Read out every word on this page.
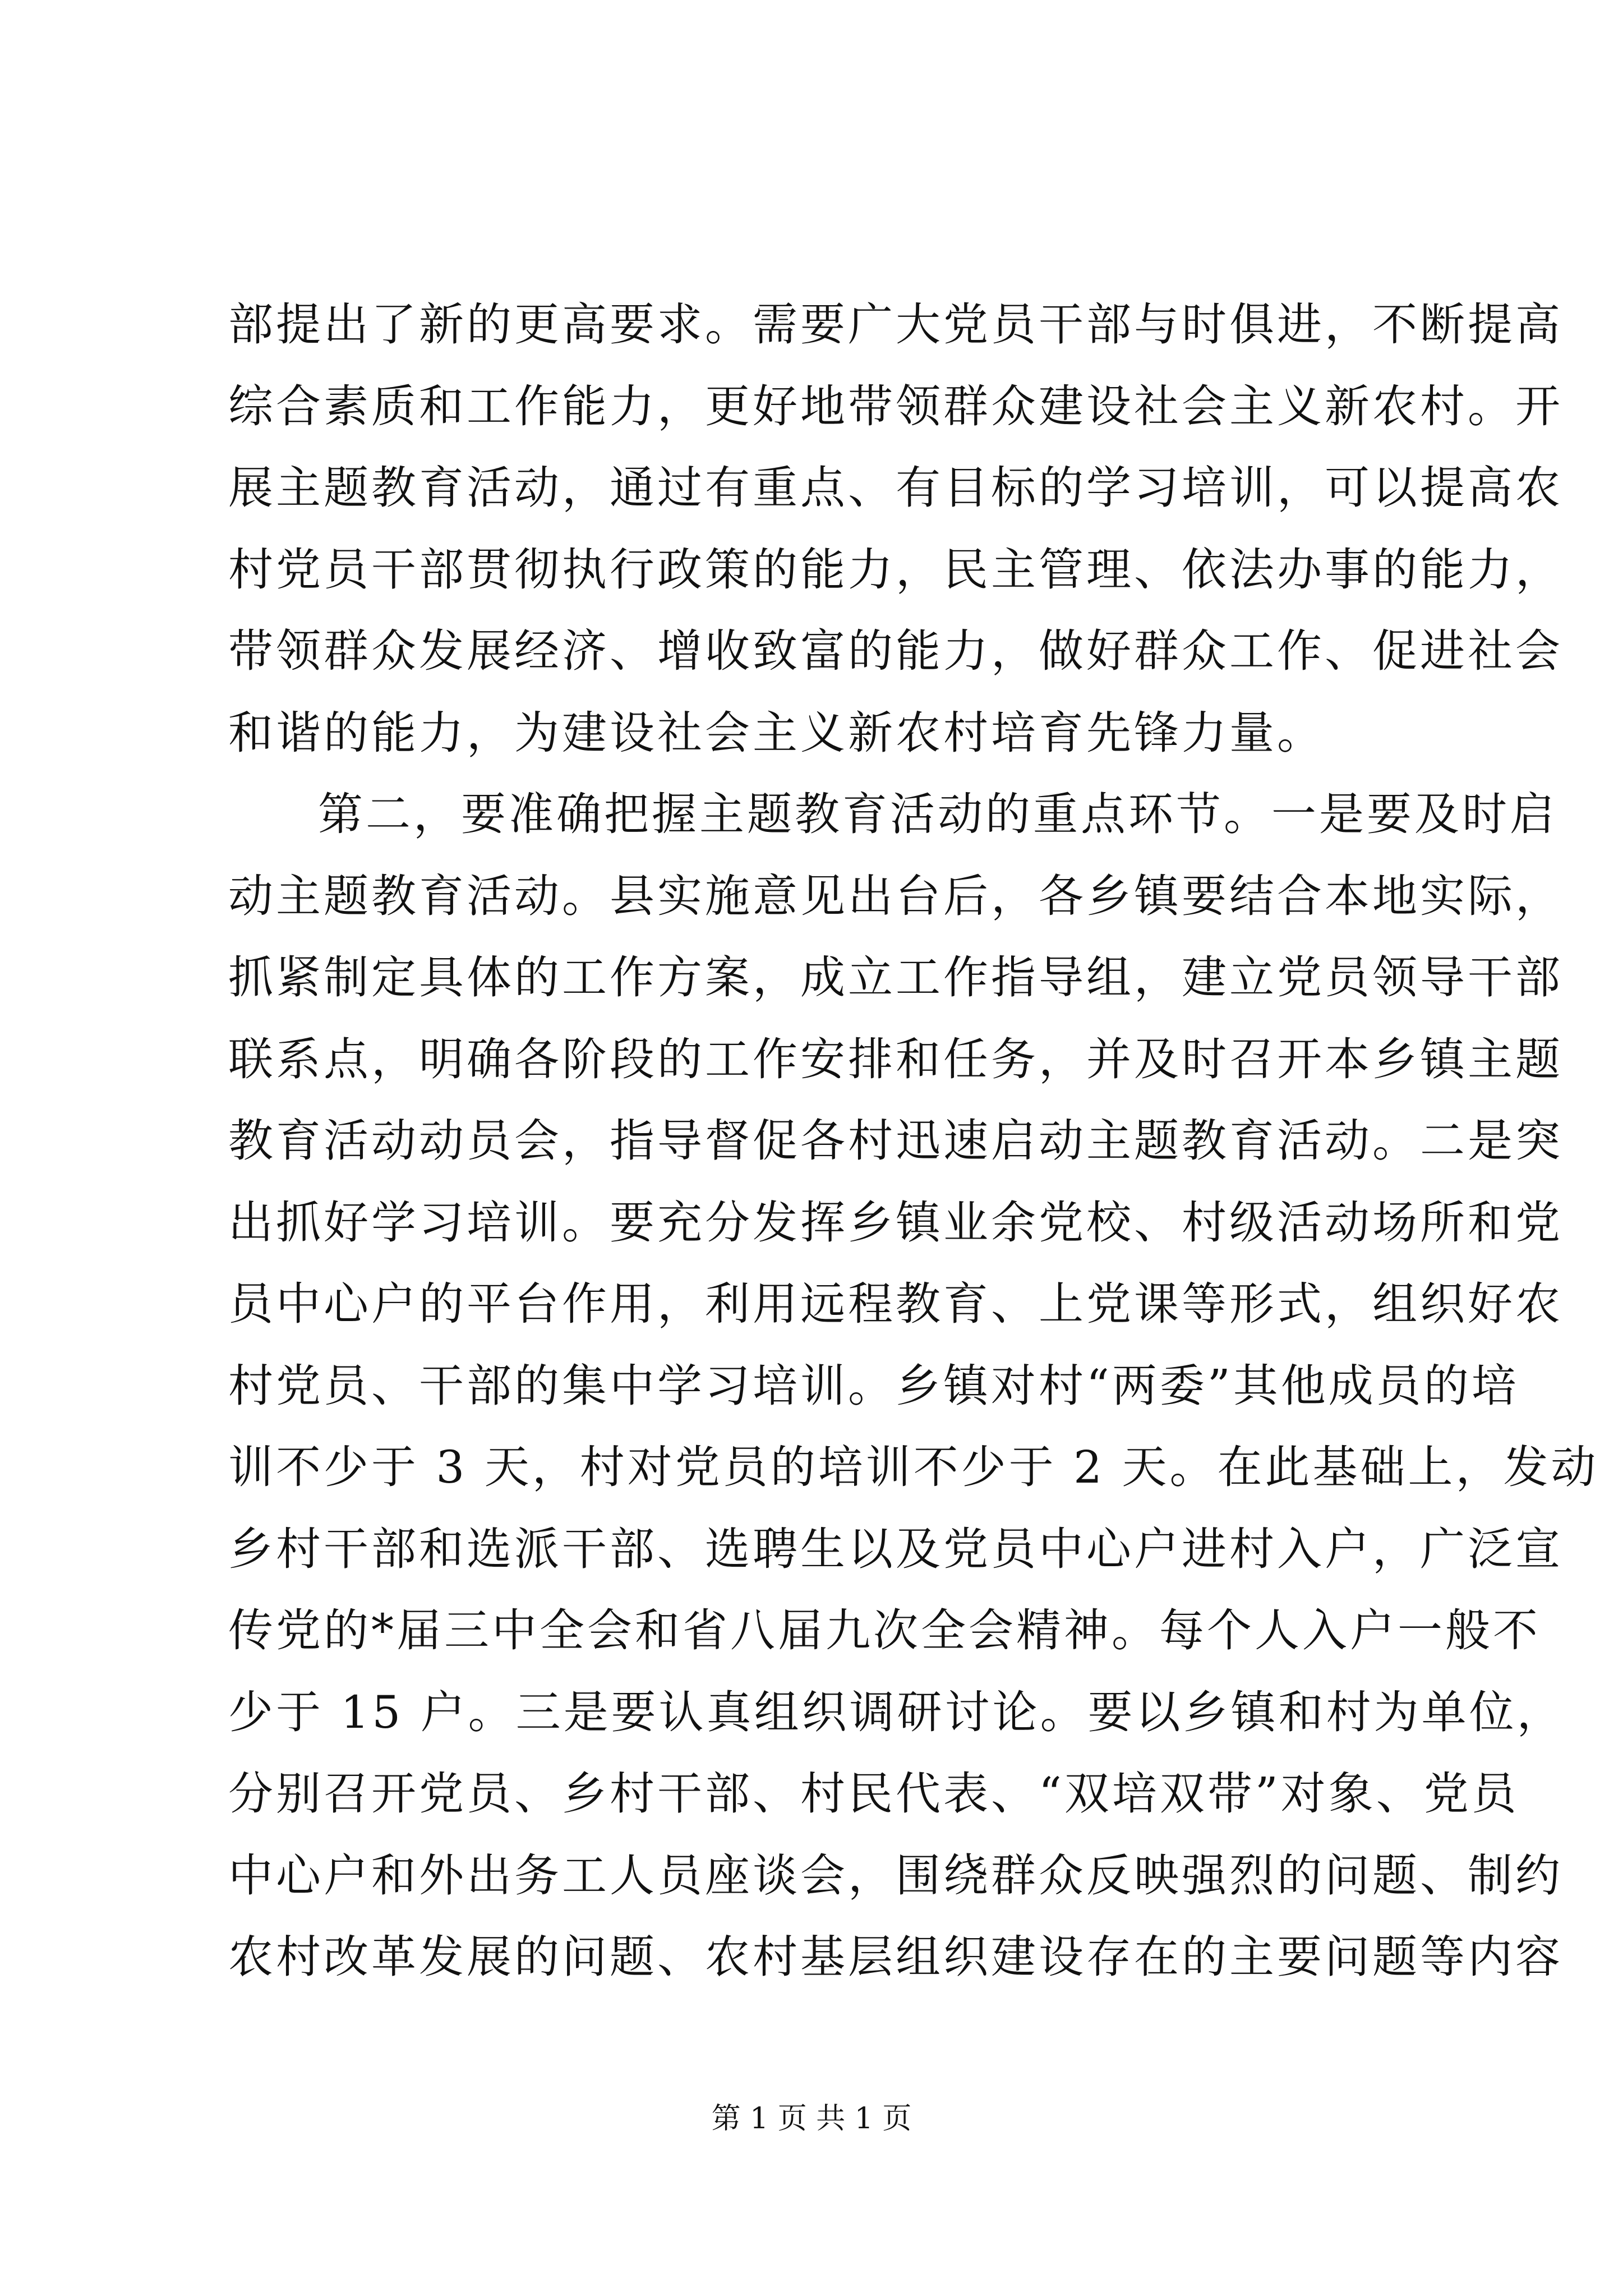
部提出了新的更高要求。需要广大党员干部与时俱进，不断提高
综合素质和工作能力，更好地带领群众建设社会主义新农村。开
展主题教育活动，通过有重点、有目标的学习培训，可以提高农
村党员干部贯彻执行政策的能力，民主管理、依法办事的能力，
带领群众发展经济、增收致富的能力，做好群众工作、促进社会
和谐的能力，为建设社会主义新农村培育先锋力量。
第二，要准确把握主题教育活动的重点环节。一是要及时启
动主题教育活动。县实施意见出台后，各乡镇要结合本地实际，
抓紧制定具体的工作方案，成立工作指导组，建立党员领导干部
联系点，明确各阶段的工作安排和任务，并及时召开本乡镇主题
教育活动动员会，指导督促各村迅速启动主题教育活动。二是突
出抓好学习培训。要充分发挥乡镇业余党校、村级活动场所和党
员中心户的平台作用，利用远程教育、上党课等形式，组织好农
村党员、干部的集中学习培训。乡镇对村“两委”其他成员的培
训不少于 3 天，村对党员的培训不少于 2 天。在此基础上，发动
乡村干部和选派干部、选聘生以及党员中心户进村入户，广泛宣
传党的*届三中全会和省八届九次全会精神。每个人入户一般不
少于 15 户。三是要认真组织调研讨论。要以乡镇和村为单位，
分别召开党员、乡村干部、村民代表、“双培双带”对象、党员
中心户和外出务工人员座谈会，围绕群众反映强烈的问题、制约
农村改革发展的问题、农村基层组织建设存在的主要问题等内容
第 1 页 共 1 页
